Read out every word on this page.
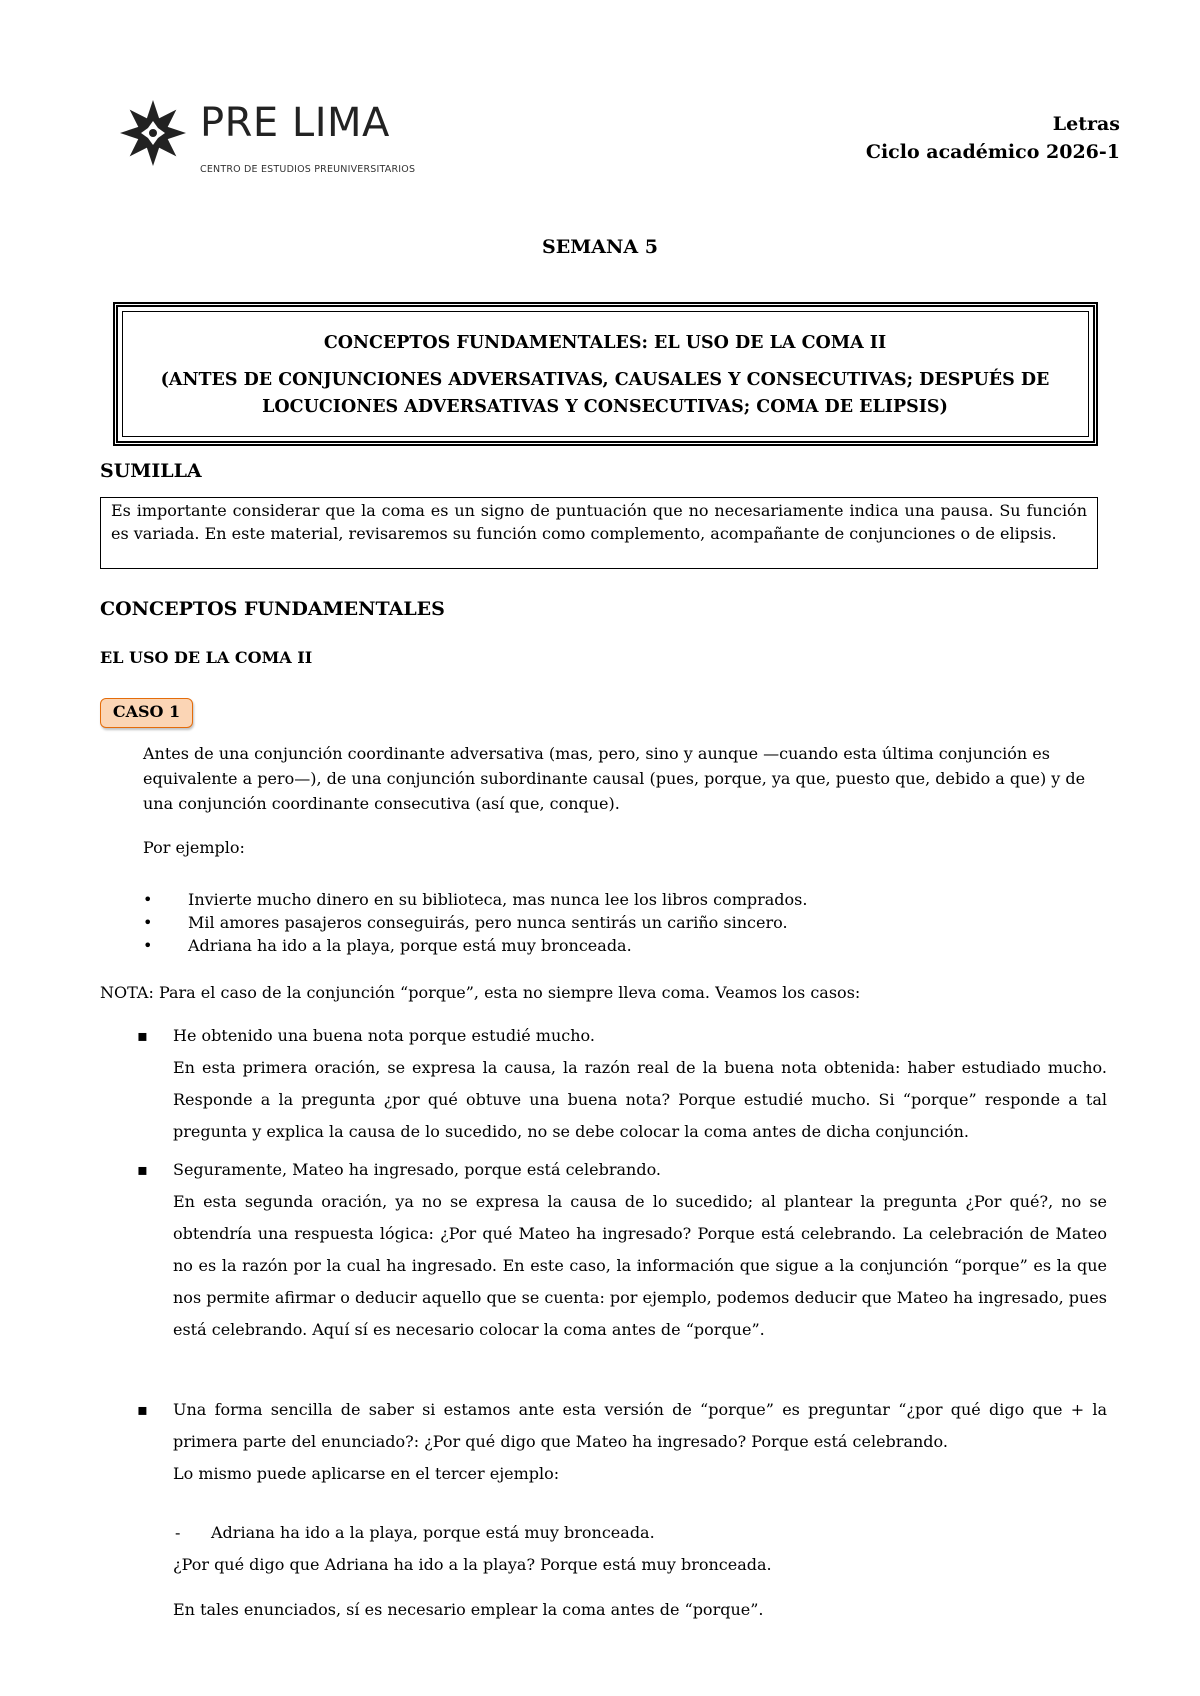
PRE LIMA
CENTRO DE ESTUDIOS PREUNIVERSITARIOS
Letras
Ciclo académico 2026-1
SEMANA 5

CONCEPTOS FUNDAMENTALES: EL USO DE LA COMA II

(ANTES DE CONJUNCIONES ADVERSATIVAS, CAUSALES Y CONSECUTIVAS; DESPUÉS DE LOCUCIONES ADVERSATIVAS Y CONSECUTIVAS; COMA DE ELIPSIS)

SUMILLA
Es importante considerar que la coma es un signo de puntuación que no necesariamente indica una pausa. Su función es variada. En este material, revisaremos su función como complemento, acompañante de conjunciones o de elipsis.
CONCEPTOS FUNDAMENTALES
EL USO DE LA COMA II
CASO 1
Antes de una conjunción coordinante adversativa (mas, pero, sino y aunque —cuando esta última conjunción es equivalente a pero—), de una conjunción subordinante causal (pues, porque, ya que, puesto que, debido a que) y de una conjunción coordinante consecutiva (así que, conque).
Por ejemplo:
•	Invierte mucho dinero en su biblioteca, mas nunca lee los libros comprados.
•	Mil amores pasajeros conseguirás, pero nunca sentirás un cariño sincero.
•	Adriana ha ido a la playa, porque está muy bronceada.
NOTA: Para el caso de la conjunción “porque”, esta no siempre lleva coma. Veamos los casos:
▪	He obtenido una buena nota porque estudié mucho.

En esta primera oración, se expresa la causa, la razón real de la buena nota obtenida: haber estudiado mucho. Responde a la pregunta ¿por qué obtuve una buena nota? Porque estudié mucho. Si “porque” responde a tal pregunta y explica la causa de lo sucedido, no se debe colocar la coma antes de dicha conjunción.

▪	Seguramente, Mateo ha ingresado, porque está celebrando.

En esta segunda oración, ya no se expresa la causa de lo sucedido; al plantear la pregunta ¿Por qué?, no se obtendría una respuesta lógica: ¿Por qué Mateo ha ingresado? Porque está celebrando. La celebración de Mateo no es la razón por la cual ha ingresado. En este caso, la información que sigue a la conjunción “porque” es la que nos permite afirmar o deducir aquello que se cuenta: por ejemplo, podemos deducir que Mateo ha ingresado, pues está celebrando. Aquí sí es necesario colocar la coma antes de “porque”.

▪	Una forma sencilla de saber si estamos ante esta versión de “porque” es preguntar “¿por qué digo que + la primera parte del enunciado?: ¿Por qué digo que Mateo ha ingresado? Porque está celebrando.

Lo mismo puede aplicarse en el tercer ejemplo:

- Adriana ha ido a la playa, porque está muy bronceada.
¿Por qué digo que Adriana ha ido a la playa? Porque está muy bronceada.
En tales enunciados, sí es necesario emplear la coma antes de “porque”.
